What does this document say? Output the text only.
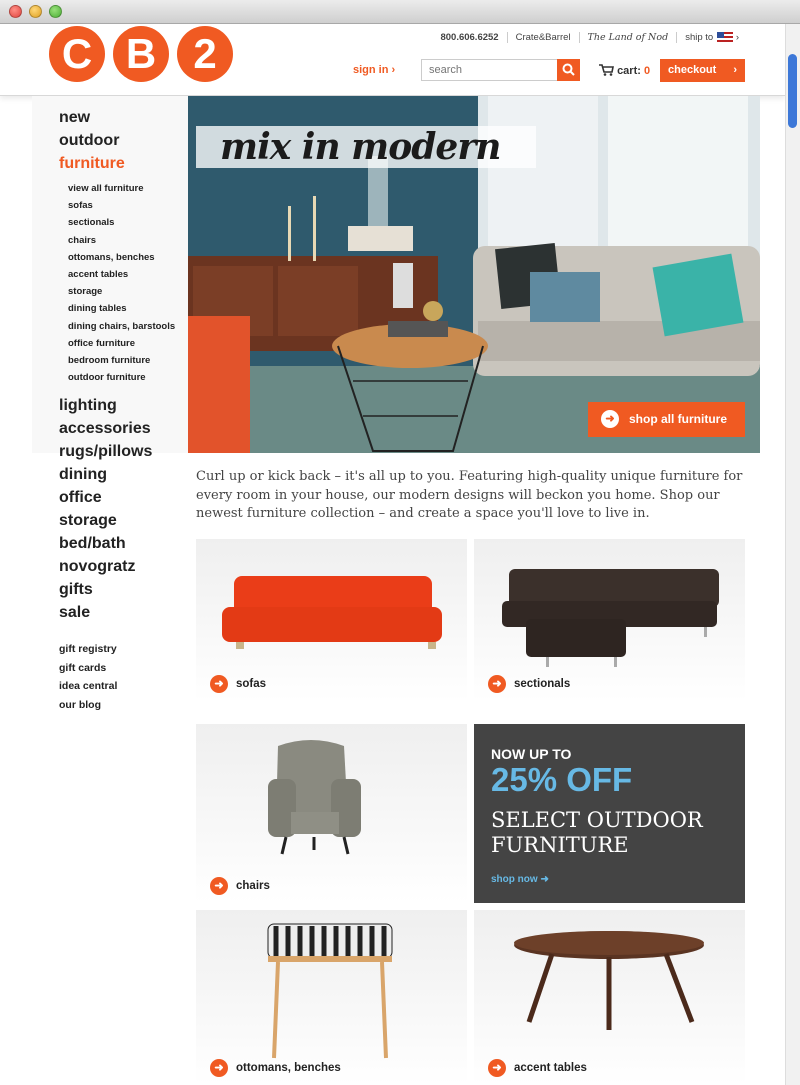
C B 2	800.606.6252	Crate&Barrel	The Land of Nod	ship to ›
sign in ›
search	cart: 0	checkout ›
mix in modern
new
outdoor
furniture
view all furniture
sofas
sectionals
chairs
ottomans, benches
accent tables
storage
dining tables
dining chairs, barstools
office furniture
bedroom furniture
outdoor furniture
lighting
accessories
rugs/pillows
dining
office
storage
bed/bath
novogratz
gifts
sale
gift registry
gift cards
idea central
our blog
➜	shop all furniture

Curl up or kick back – it's all up to you. Featuring high-quality unique furniture for every room in your house, our modern designs will beckon you home. Shop our newest furniture collection – and create a space you'll love to live in.

➜	sofas	➜	sectionals
➜	chairs
NOW UP TO
25% OFF
SELECT OUTDOOR FURNITURE
shop now ➜
➜	ottomans, benches	➜	accent tables
